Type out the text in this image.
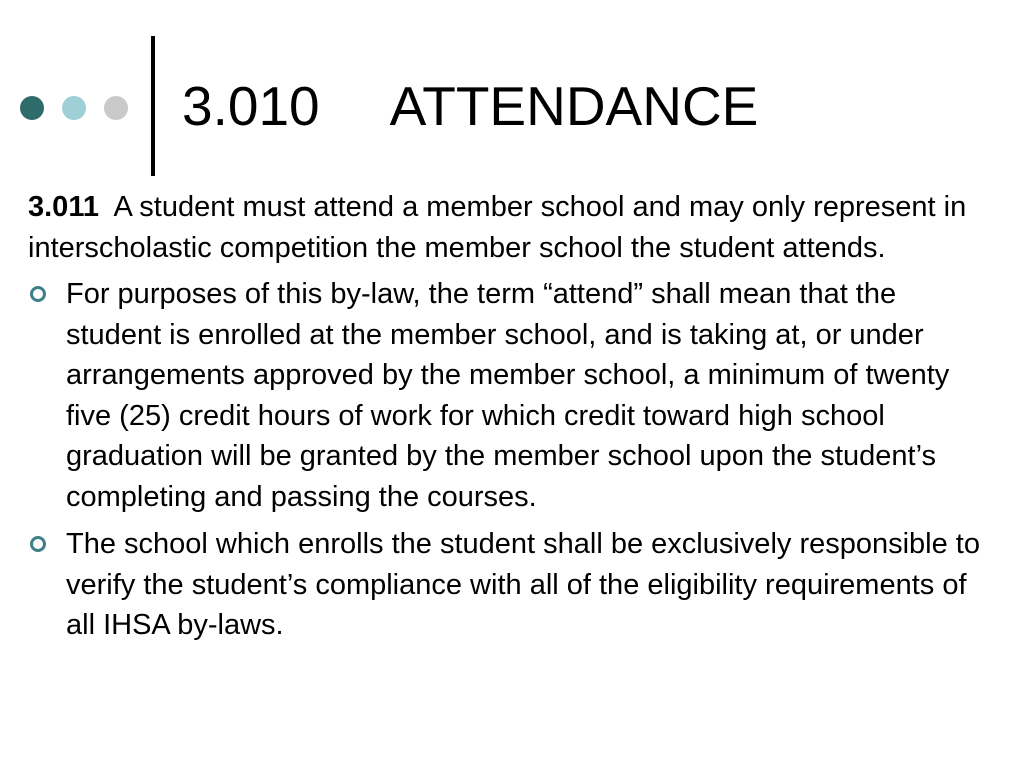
3.010 ATTENDANCE

3.011 A student must attend a member school and may only represent in interscholastic competition the member school the student attends.

For purposes of this by-law, the term “attend” shall mean that the student is enrolled at the member school, and is taking at, or under arrangements approved by the member school, a minimum of twenty five (25) credit hours of work for which credit toward high school graduation will be granted by the member school upon the student’s completing and passing the courses.
The school which enrolls the student shall be exclusively responsible to verify the student’s compliance with all of the eligibility requirements of all IHSA by-laws.
